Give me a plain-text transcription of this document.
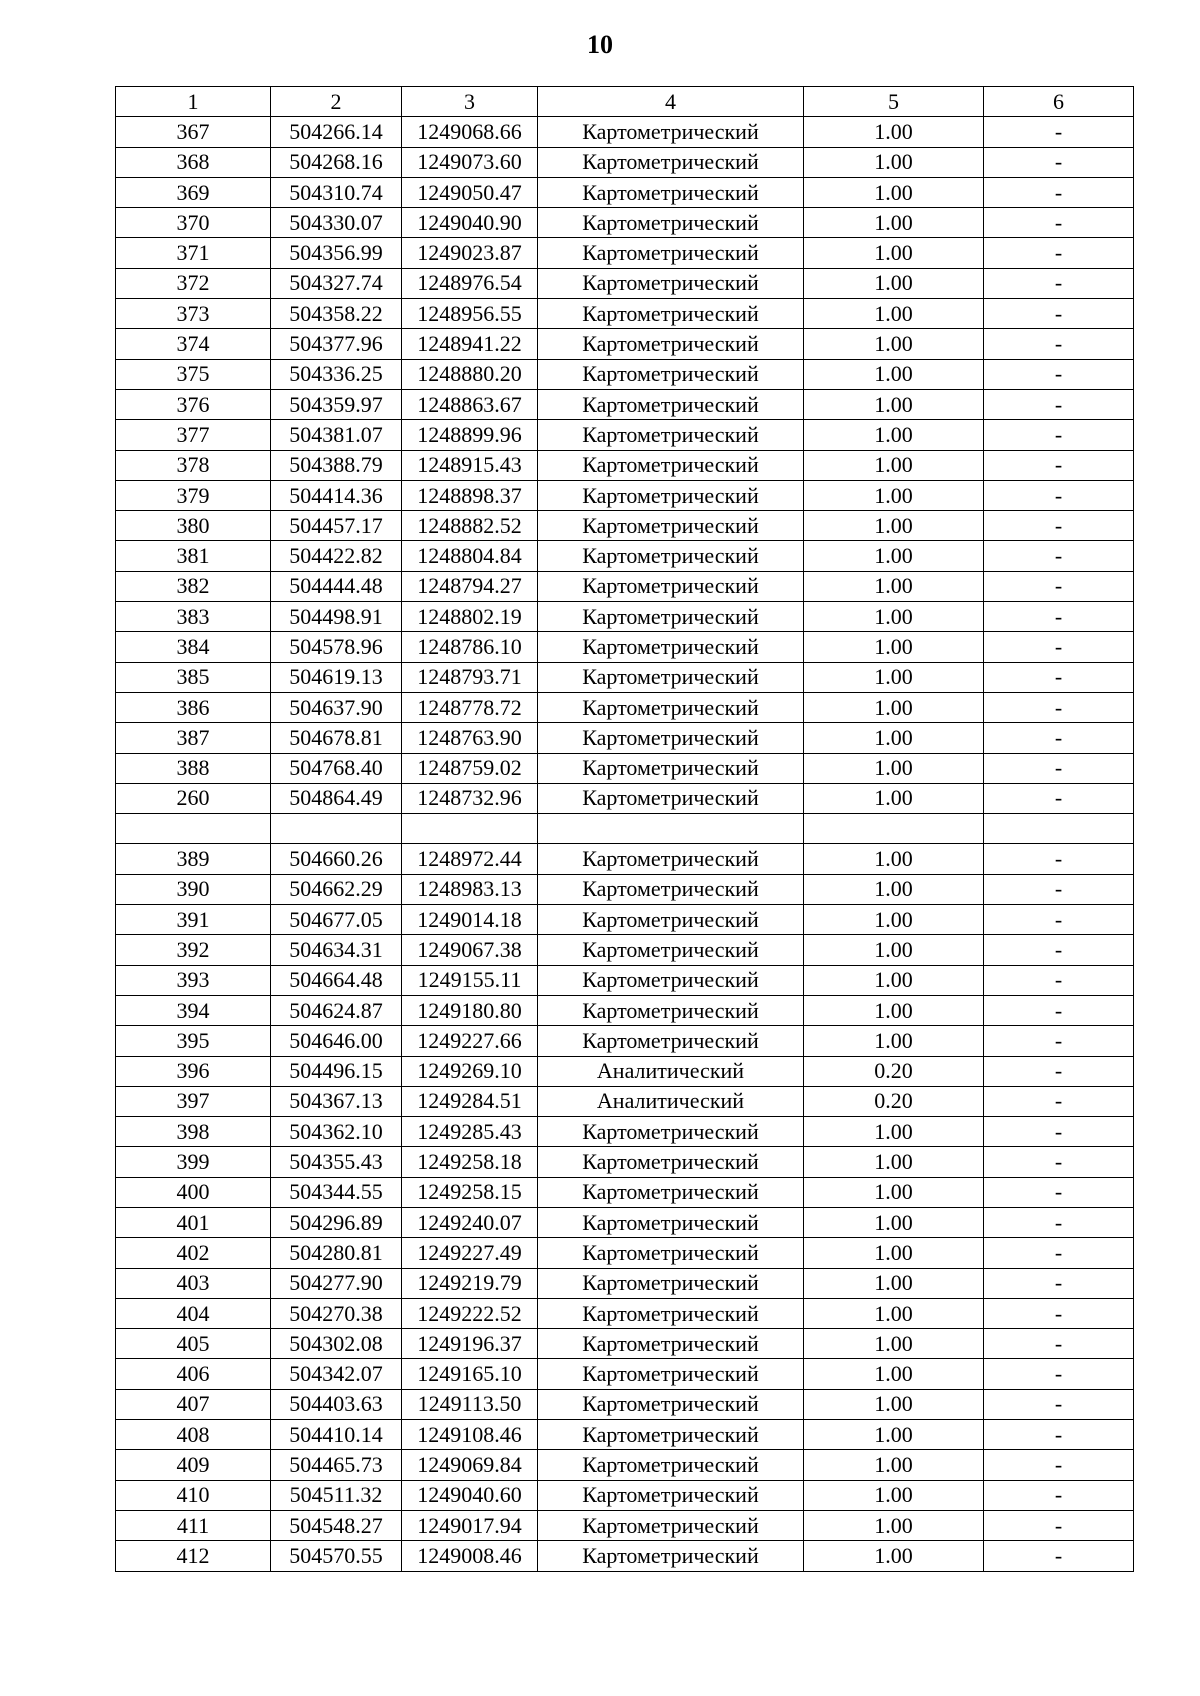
10
1	2	3	4	5	6
367	504266.14	1249068.66	Картометрический	1.00	-
368	504268.16	1249073.60	Картометрический	1.00	-
369	504310.74	1249050.47	Картометрический	1.00	-
370	504330.07	1249040.90	Картометрический	1.00	-
371	504356.99	1249023.87	Картометрический	1.00	-
372	504327.74	1248976.54	Картометрический	1.00	-
373	504358.22	1248956.55	Картометрический	1.00	-
374	504377.96	1248941.22	Картометрический	1.00	-
375	504336.25	1248880.20	Картометрический	1.00	-
376	504359.97	1248863.67	Картометрический	1.00	-
377	504381.07	1248899.96	Картометрический	1.00	-
378	504388.79	1248915.43	Картометрический	1.00	-
379	504414.36	1248898.37	Картометрический	1.00	-
380	504457.17	1248882.52	Картометрический	1.00	-
381	504422.82	1248804.84	Картометрический	1.00	-
382	504444.48	1248794.27	Картометрический	1.00	-
383	504498.91	1248802.19	Картометрический	1.00	-
384	504578.96	1248786.10	Картометрический	1.00	-
385	504619.13	1248793.71	Картометрический	1.00	-
386	504637.90	1248778.72	Картометрический	1.00	-
387	504678.81	1248763.90	Картометрический	1.00	-
388	504768.40	1248759.02	Картометрический	1.00	-
260	504864.49	1248732.96	Картометрический	1.00	-

389	504660.26	1248972.44	Картометрический	1.00	-
390	504662.29	1248983.13	Картометрический	1.00	-
391	504677.05	1249014.18	Картометрический	1.00	-
392	504634.31	1249067.38	Картометрический	1.00	-
393	504664.48	1249155.11	Картометрический	1.00	-
394	504624.87	1249180.80	Картометрический	1.00	-
395	504646.00	1249227.66	Картометрический	1.00	-
396	504496.15	1249269.10	Аналитический	0.20	-
397	504367.13	1249284.51	Аналитический	0.20	-
398	504362.10	1249285.43	Картометрический	1.00	-
399	504355.43	1249258.18	Картометрический	1.00	-
400	504344.55	1249258.15	Картометрический	1.00	-
401	504296.89	1249240.07	Картометрический	1.00	-
402	504280.81	1249227.49	Картометрический	1.00	-
403	504277.90	1249219.79	Картометрический	1.00	-
404	504270.38	1249222.52	Картометрический	1.00	-
405	504302.08	1249196.37	Картометрический	1.00	-
406	504342.07	1249165.10	Картометрический	1.00	-
407	504403.63	1249113.50	Картометрический	1.00	-
408	504410.14	1249108.46	Картометрический	1.00	-
409	504465.73	1249069.84	Картометрический	1.00	-
410	504511.32	1249040.60	Картометрический	1.00	-
411	504548.27	1249017.94	Картометрический	1.00	-
412	504570.55	1249008.46	Картометрический	1.00	-
